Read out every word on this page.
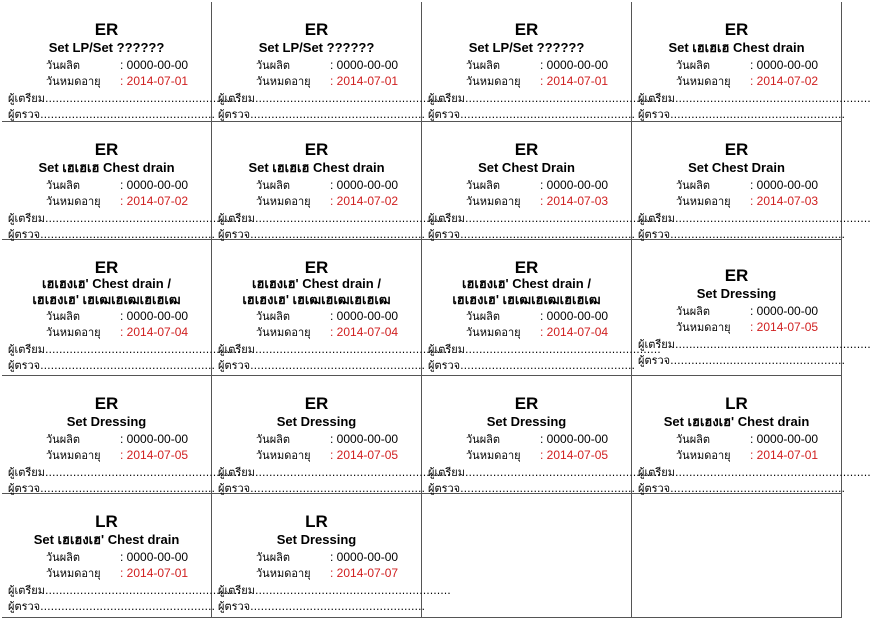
ER
Set LP/Set ??????
วันผลิต	: 0000-00-00
วันหมดอายุ : 2014-07-01
ผู้เตรียม........................................................
ผู้ตรวจ..................................................
ER
Set LP/Set ??????
วันผลิต	: 0000-00-00
วันหมดอายุ : 2014-07-01
ผู้เตรียม........................................................
ผู้ตรวจ..................................................
ER
Set LP/Set ??????
วันผลิต	: 0000-00-00
วันหมดอายุ : 2014-07-01
ผู้เตรียม........................................................
ผู้ตรวจ..................................................
ER
Set เฮเฮเฮ Chest drain
วันผลิต	: 0000-00-00
วันหมดอายุ : 2014-07-02
ผู้เตรียม........................................................
ผู้ตรวจ..................................................
ER
Set เฮเฮเฮ Chest drain
วันผลิต	: 0000-00-00
วันหมดอายุ : 2014-07-02
ผู้เตรียม........................................................
ผู้ตรวจ..................................................
ER
Set เฮเฮเฮ Chest drain
วันผลิต	: 0000-00-00
วันหมดอายุ : 2014-07-02
ผู้เตรียม........................................................
ผู้ตรวจ..................................................
ER
Set Chest Drain
วันผลิต	: 0000-00-00
วันหมดอายุ : 2014-07-03
ผู้เตรียม........................................................
ผู้ตรวจ..................................................
ER
Set Chest Drain
วันผลิต	: 0000-00-00
วันหมดอายุ : 2014-07-03
ผู้เตรียม........................................................
ผู้ตรวจ..................................................
ER
เฮเฮงเฮ' Chest drain /
เฮเฮงเฮ' เฮเฒเฮเฒเฮเฮเฒ
วันผลิต	: 0000-00-00
วันหมดอายุ : 2014-07-04
ผู้เตรียม........................................................
ผู้ตรวจ..................................................
ER
เฮเฮงเฮ' Chest drain /
เฮเฮงเฮ' เฮเฒเฮเฒเฮเฮเฒ
วันผลิต	: 0000-00-00
วันหมดอายุ : 2014-07-04
ผู้เตรียม........................................................
ผู้ตรวจ..................................................
ER
เฮเฮงเฮ' Chest drain /
เฮเฮงเฮ' เฮเฒเฮเฒเฮเฮเฒ
วันผลิต	: 0000-00-00
วันหมดอายุ : 2014-07-04
ผู้เตรียม........................................................
ผู้ตรวจ..................................................
ER
Set Dressing
วันผลิต	: 0000-00-00
วันหมดอายุ : 2014-07-05
ผู้เตรียม........................................................
ผู้ตรวจ..................................................
ER
Set Dressing
วันผลิต	: 0000-00-00
วันหมดอายุ : 2014-07-05
ผู้เตรียม........................................................
ผู้ตรวจ..................................................
ER
Set Dressing
วันผลิต	: 0000-00-00
วันหมดอายุ : 2014-07-05
ผู้เตรียม........................................................
ผู้ตรวจ..................................................
ER
Set Dressing
วันผลิต	: 0000-00-00
วันหมดอายุ : 2014-07-05
ผู้เตรียม........................................................
ผู้ตรวจ..................................................
LR
Set เฮเฮงเฮ' Chest drain
วันผลิต	: 0000-00-00
วันหมดอายุ : 2014-07-01
ผู้เตรียม........................................................
ผู้ตรวจ..................................................
LR
Set เฮเฮงเฮ' Chest drain
วันผลิต	: 0000-00-00
วันหมดอายุ : 2014-07-01
ผู้เตรียม........................................................
ผู้ตรวจ..................................................
LR
Set Dressing
วันผลิต	: 0000-00-00
วันหมดอายุ : 2014-07-07
ผู้เตรียม........................................................
ผู้ตรวจ..................................................
